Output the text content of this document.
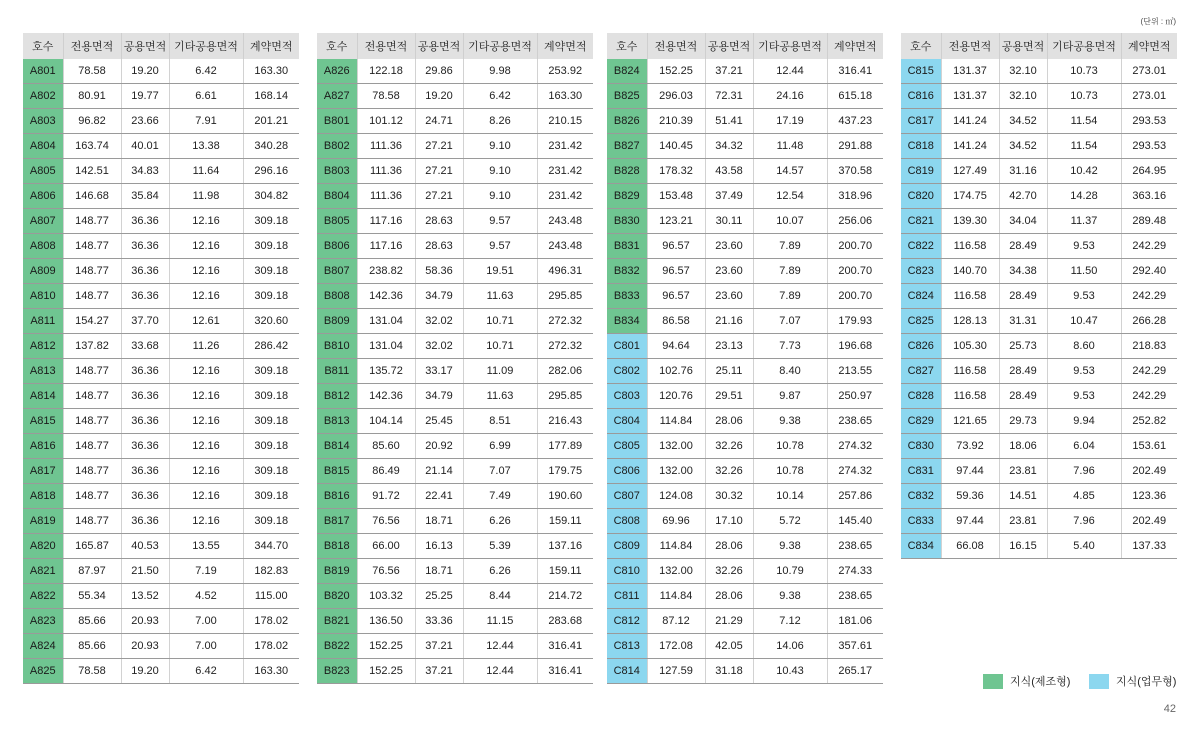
(단위 : ㎡)
호수	전용면적	공용면적	기타공용면적	계약면적
A801	78.58	19.20	6.42	163.30
A802	80.91	19.77	6.61	168.14
A803	96.82	23.66	7.91	201.21
A804	163.74	40.01	13.38	340.28
A805	142.51	34.83	11.64	296.16
A806	146.68	35.84	11.98	304.82
A807	148.77	36.36	12.16	309.18
A808	148.77	36.36	12.16	309.18
A809	148.77	36.36	12.16	309.18
A810	148.77	36.36	12.16	309.18
A811	154.27	37.70	12.61	320.60
A812	137.82	33.68	11.26	286.42
A813	148.77	36.36	12.16	309.18
A814	148.77	36.36	12.16	309.18
A815	148.77	36.36	12.16	309.18
A816	148.77	36.36	12.16	309.18
A817	148.77	36.36	12.16	309.18
A818	148.77	36.36	12.16	309.18
A819	148.77	36.36	12.16	309.18
A820	165.87	40.53	13.55	344.70
A821	87.97	21.50	7.19	182.83
A822	55.34	13.52	4.52	115.00
A823	85.66	20.93	7.00	178.02
A824	85.66	20.93	7.00	178.02
A825	78.58	19.20	6.42	163.30
호수	전용면적	공용면적	기타공용면적	계약면적
A826	122.18	29.86	9.98	253.92
A827	78.58	19.20	6.42	163.30
B801	101.12	24.71	8.26	210.15
B802	111.36	27.21	9.10	231.42
B803	111.36	27.21	9.10	231.42
B804	111.36	27.21	9.10	231.42
B805	117.16	28.63	9.57	243.48
B806	117.16	28.63	9.57	243.48
B807	238.82	58.36	19.51	496.31
B808	142.36	34.79	11.63	295.85
B809	131.04	32.02	10.71	272.32
B810	131.04	32.02	10.71	272.32
B811	135.72	33.17	11.09	282.06
B812	142.36	34.79	11.63	295.85
B813	104.14	25.45	8.51	216.43
B814	85.60	20.92	6.99	177.89
B815	86.49	21.14	7.07	179.75
B816	91.72	22.41	7.49	190.60
B817	76.56	18.71	6.26	159.11
B818	66.00	16.13	5.39	137.16
B819	76.56	18.71	6.26	159.11
B820	103.32	25.25	8.44	214.72
B821	136.50	33.36	11.15	283.68
B822	152.25	37.21	12.44	316.41
B823	152.25	37.21	12.44	316.41
호수	전용면적	공용면적	기타공용면적	계약면적
B824	152.25	37.21	12.44	316.41
B825	296.03	72.31	24.16	615.18
B826	210.39	51.41	17.19	437.23
B827	140.45	34.32	11.48	291.88
B828	178.32	43.58	14.57	370.58
B829	153.48	37.49	12.54	318.96
B830	123.21	30.11	10.07	256.06
B831	96.57	23.60	7.89	200.70
B832	96.57	23.60	7.89	200.70
B833	96.57	23.60	7.89	200.70
B834	86.58	21.16	7.07	179.93
C801	94.64	23.13	7.73	196.68
C802	102.76	25.11	8.40	213.55
C803	120.76	29.51	9.87	250.97
C804	114.84	28.06	9.38	238.65
C805	132.00	32.26	10.78	274.32
C806	132.00	32.26	10.78	274.32
C807	124.08	30.32	10.14	257.86
C808	69.96	17.10	5.72	145.40
C809	114.84	28.06	9.38	238.65
C810	132.00	32.26	10.79	274.33
C811	114.84	28.06	9.38	238.65
C812	87.12	21.29	7.12	181.06
C813	172.08	42.05	14.06	357.61
C814	127.59	31.18	10.43	265.17
호수	전용면적	공용면적	기타공용면적	계약면적
C815	131.37	32.10	10.73	273.01
C816	131.37	32.10	10.73	273.01
C817	141.24	34.52	11.54	293.53
C818	141.24	34.52	11.54	293.53
C819	127.49	31.16	10.42	264.95
C820	174.75	42.70	14.28	363.16
C821	139.30	34.04	11.37	289.48
C822	116.58	28.49	9.53	242.29
C823	140.70	34.38	11.50	292.40
C824	116.58	28.49	9.53	242.29
C825	128.13	31.31	10.47	266.28
C826	105.30	25.73	8.60	218.83
C827	116.58	28.49	9.53	242.29
C828	116.58	28.49	9.53	242.29
C829	121.65	29.73	9.94	252.82
C830	73.92	18.06	6.04	153.61
C831	97.44	23.81	7.96	202.49
C832	59.36	14.51	4.85	123.36
C833	97.44	23.81	7.96	202.49
C834	66.08	16.15	5.40	137.33
지식(제조형)	지식(업무형)
42
